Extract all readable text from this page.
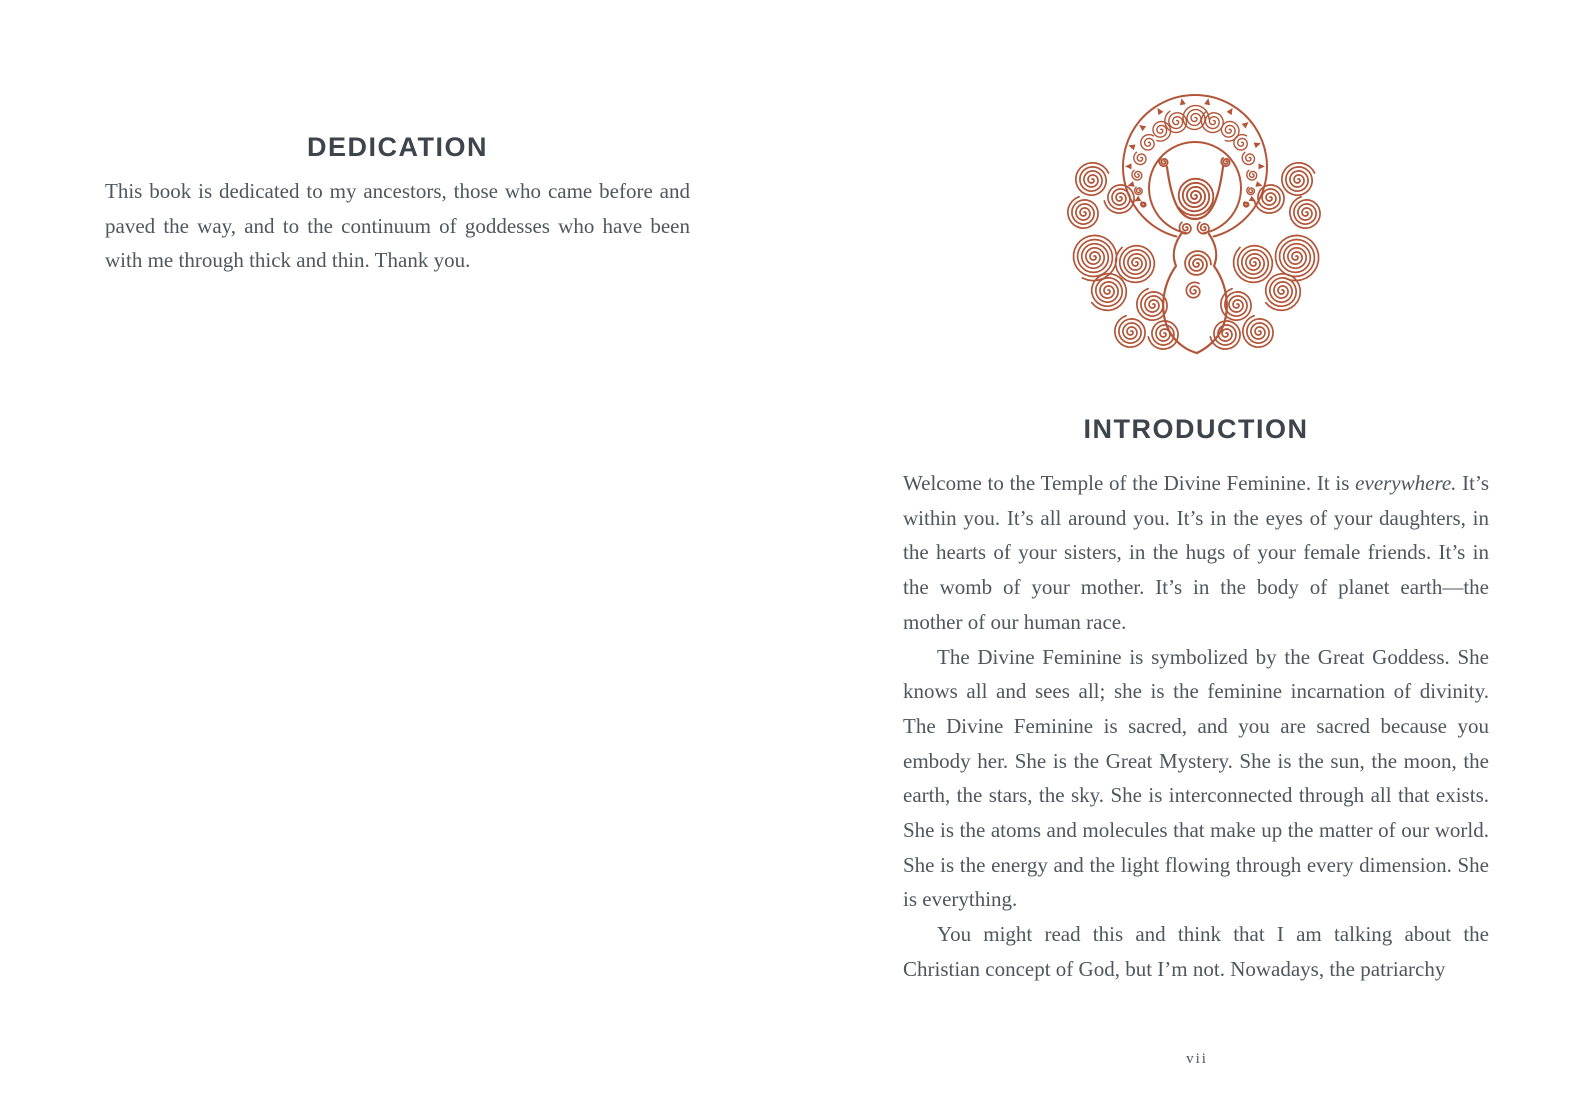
DEDICATION

This book is dedicated to my ancestors, those who came before and paved the way, and to the continuum of goddesses who have been with me through thick and thin. Thank you.

INTRODUCTION

Welcome to the Temple of the Divine Feminine. It is everywhere. It’s within you. It’s all around you. It’s in the eyes of your daughters, in the hearts of your sisters, in the hugs of your female friends. It’s in the womb of your mother. It’s in the body of planet earth—the mother of our human race.

The Divine Feminine is symbolized by the Great Goddess. She knows all and sees all; she is the feminine incarnation of divinity. The Divine Feminine is sacred, and you are sacred because you embody her. She is the Great Mystery. She is the sun, the moon, the earth, the stars, the sky. She is interconnected through all that exists. She is the atoms and molecules that make up the matter of our world. She is the energy and the light flowing through every dimension. She is everything.

You might read this and think that I am talking about the Christian concept of God, but I’m not. Nowadays, the patriarchy

vii
